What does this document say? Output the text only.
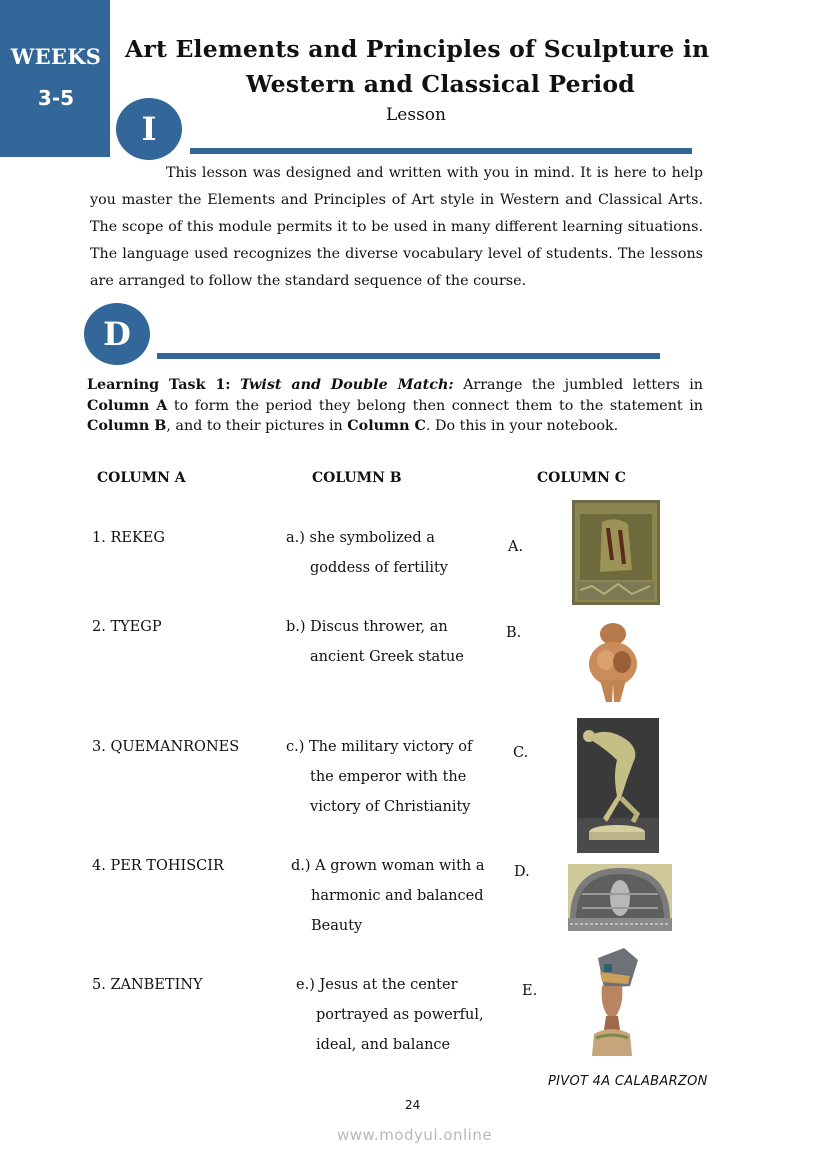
WEEKS
3-5
Art Elements and Principles of Sculpture in
Western and Classical Period
Lesson
I
This lesson was designed and written with you in mind. It is here to help you master the Elements and Principles of Art style in Western and Classical Arts. The scope of this module permits it to be used in many different learning situations. The language used recognizes the diverse vocabulary level of students. The lessons are arranged to follow the standard sequence of the course.
D
Learning Task 1: Twist and Double Match: Arrange the jumbled letters in Column A to form the period they belong then connect them to the statement in Column B, and to their pictures in Column C. Do this in your notebook.
COLUMN A	COLUMN B	COLUMN C
1. REKEG
2. TYEGP
3. QUEMANRONES
4. PER TOHISCIR
5. ZANBETINY
a.) she symbolized a
goddess of fertility
b.) Discus thrower, an
ancient Greek statue
c.) The military victory of
the emperor with the
victory of Christianity
d.) A grown woman with a
harmonic and balanced
Beauty
e.) Jesus at the center
portrayed as powerful,
ideal, and balance
A.
B.
C.
D.
E.
PIVOT 4A CALABARZON
24
www.modyul.online
